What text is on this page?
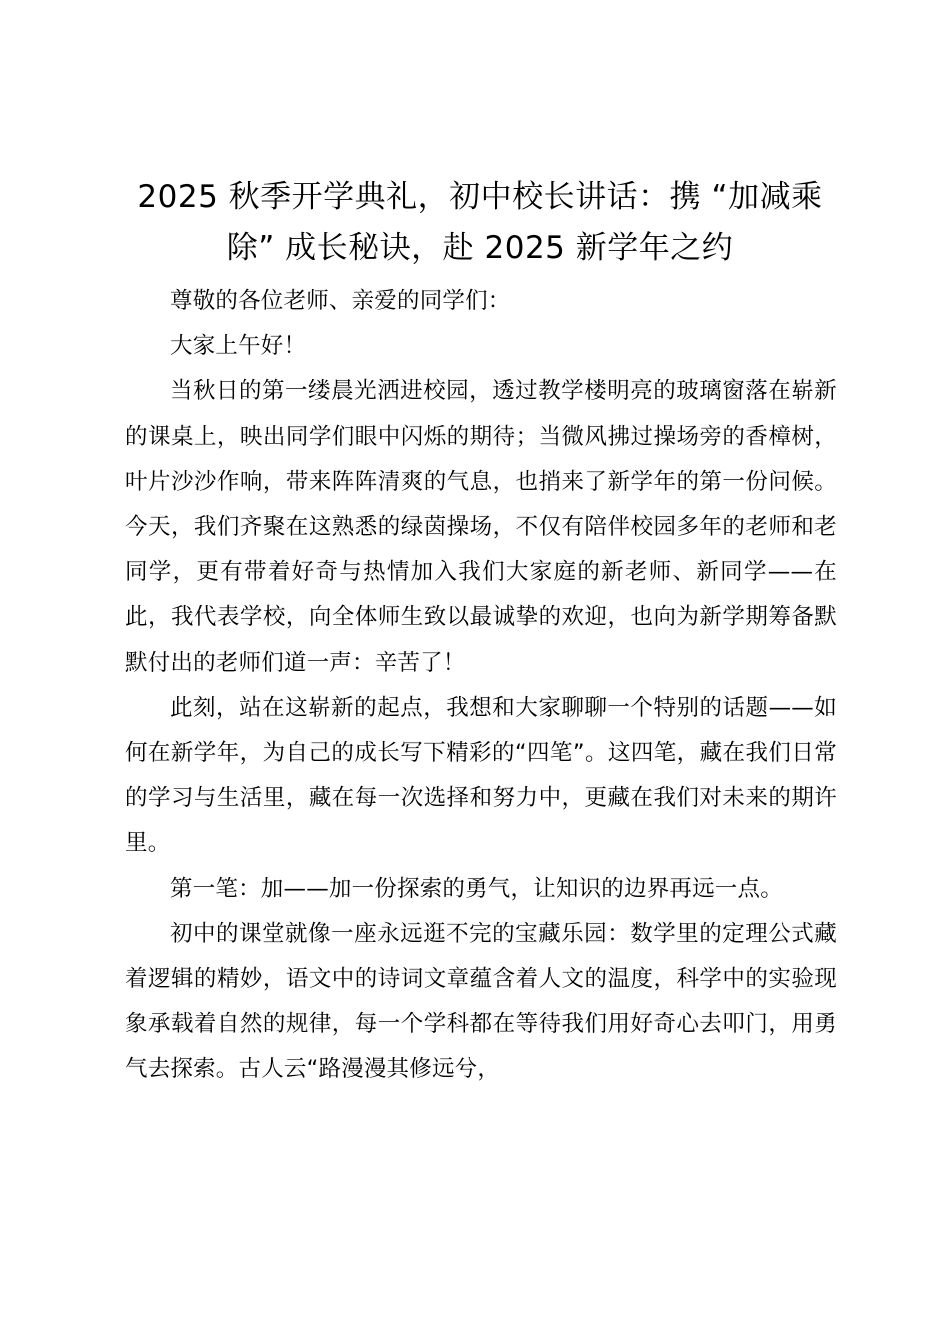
2025 秋季开学典礼，初中校长讲话：携 “加减乘除” 成长秘诀，赴 2025 新学年之约

尊敬的各位老师、亲爱的同学们：

大家上午好！

当秋日的第一缕晨光洒进校园，透过教学楼明亮的玻璃窗落在崭新的课桌上，映出同学们眼中闪烁的期待；当微风拂过操场旁的香樟树，叶片沙沙作响，带来阵阵清爽的气息，也捎来了新学年的第一份问候。今天，我们齐聚在这熟悉的绿茵操场，不仅有陪伴校园多年的老师和老同学，更有带着好奇与热情加入我们大家庭的新老师、新同学——在此，我代表学校，向全体师生致以最诚挚的欢迎，也向为新学期筹备默默付出的老师们道一声：辛苦了！

此刻，站在这崭新的起点，我想和大家聊聊一个特别的话题——如何在新学年，为自己的成长写下精彩的“四笔”。这四笔，藏在我们日常的学习与生活里，藏在每一次选择和努力中，更藏在我们对未来的期许里。

第一笔：加——加一份探索的勇气，让知识的边界再远一点。

初中的课堂就像一座永远逛不完的宝藏乐园：数学里的定理公式藏着逻辑的精妙，语文中的诗词文章蕴含着人文的温度，科学中的实验现象承载着自然的规律，每一个学科都在等待我们用好奇心去叩门，用勇气去探索。古人云“路漫漫其修远兮，
